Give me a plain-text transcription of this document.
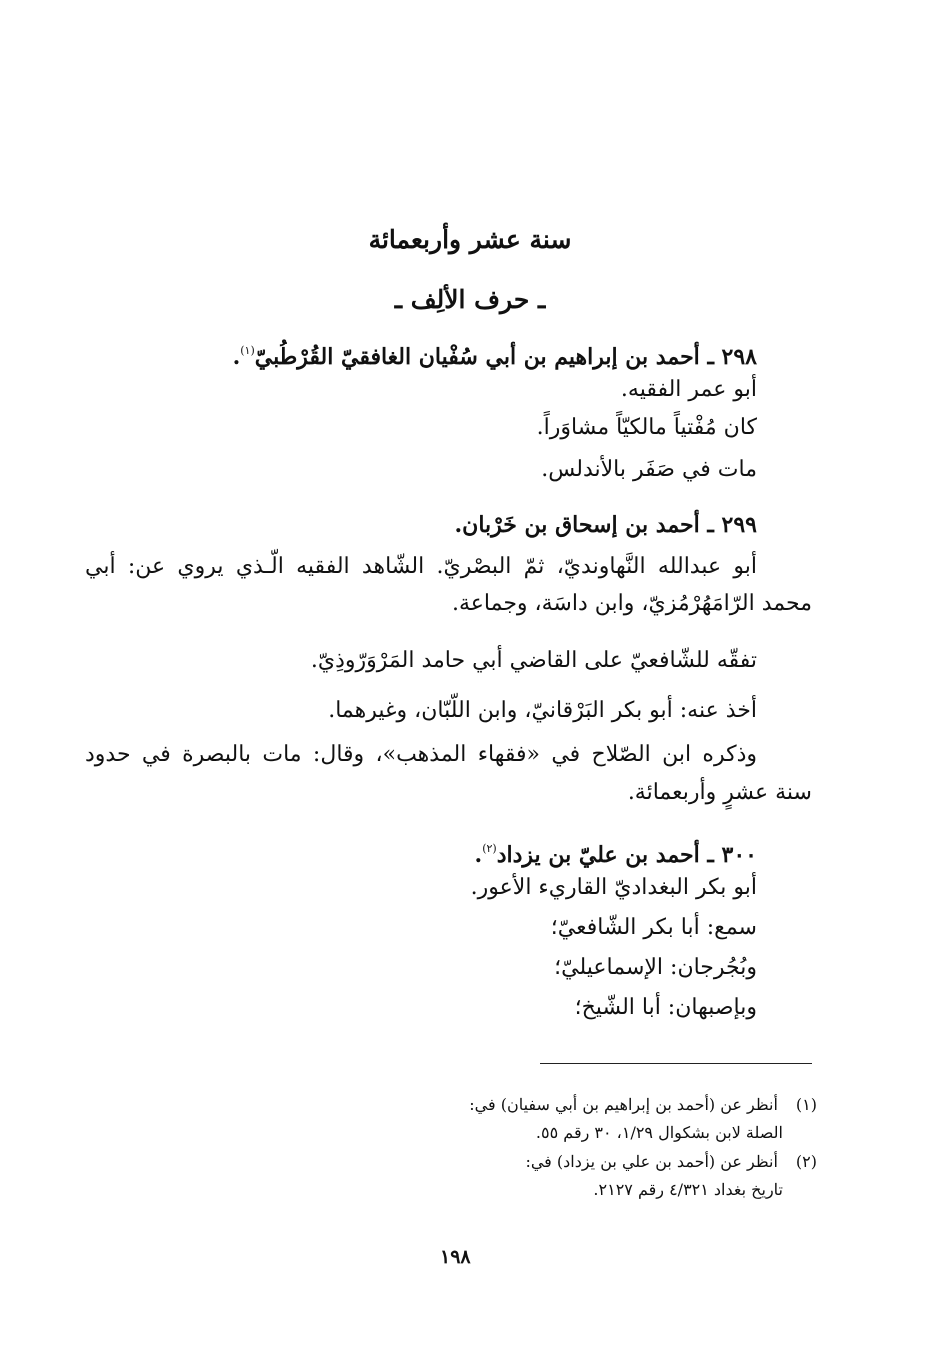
سنة عشر وأربعمائة
ـ حرف الألِف ـ
٢٩٨ ـ أحمد بن إبراهيم بن أبي سُفْيان الغافقيّ القُرْطُبيّ$^{(١)}$.
أبو عمر الفقيه.
كان مُفْتياً مالكيّاً مشاوَراً.
مات في صَفَر بالأندلس.
٢٩٩ ـ أحمد بن إسحاق بن خَرْبان.
أبو عبدالله النَّهاونديّ، ثمّ البصْريّ. الشّاهد الفقيه الّـذي يروي عن: أبي
محمد الرّامَهُرْمُزيّ، وابن داسَة، وجماعة.
تفقّه للشّافعيّ على القاضي أبي حامد المَرْوَرّوذِيّ.
أخذ عنه: أبو بكر البَرْقانيّ، وابن اللّبّان، وغيرهما.
وذكره ابن الصّلاح في «فقهاء المذهب»، وقال: مات بالبصرة في حدود
سنة عشرٍ وأربعمائة.
٣٠٠ ـ أحمد بن عليّ بن يزداد$^{(٢)}$.
أبو بكر البغداديّ القاريء الأعور.
سمع: أبا بكر الشّافعيّ؛
وبُجُرجان: الإسماعيليّ؛
وبإصبهان: أبا الشّيخ؛
(١) أنظر عن (أحمد بن إبراهيم بن أبي سفيان) في:
الصلة لابن بشكوال ١/٢٩، ٣٠ رقم ٥٥.
(٢) أنظر عن (أحمد بن علي بن يزداد) في:
تاريخ بغداد ٤/٣٢١ رقم ٢١٢٧.
١٩٨
